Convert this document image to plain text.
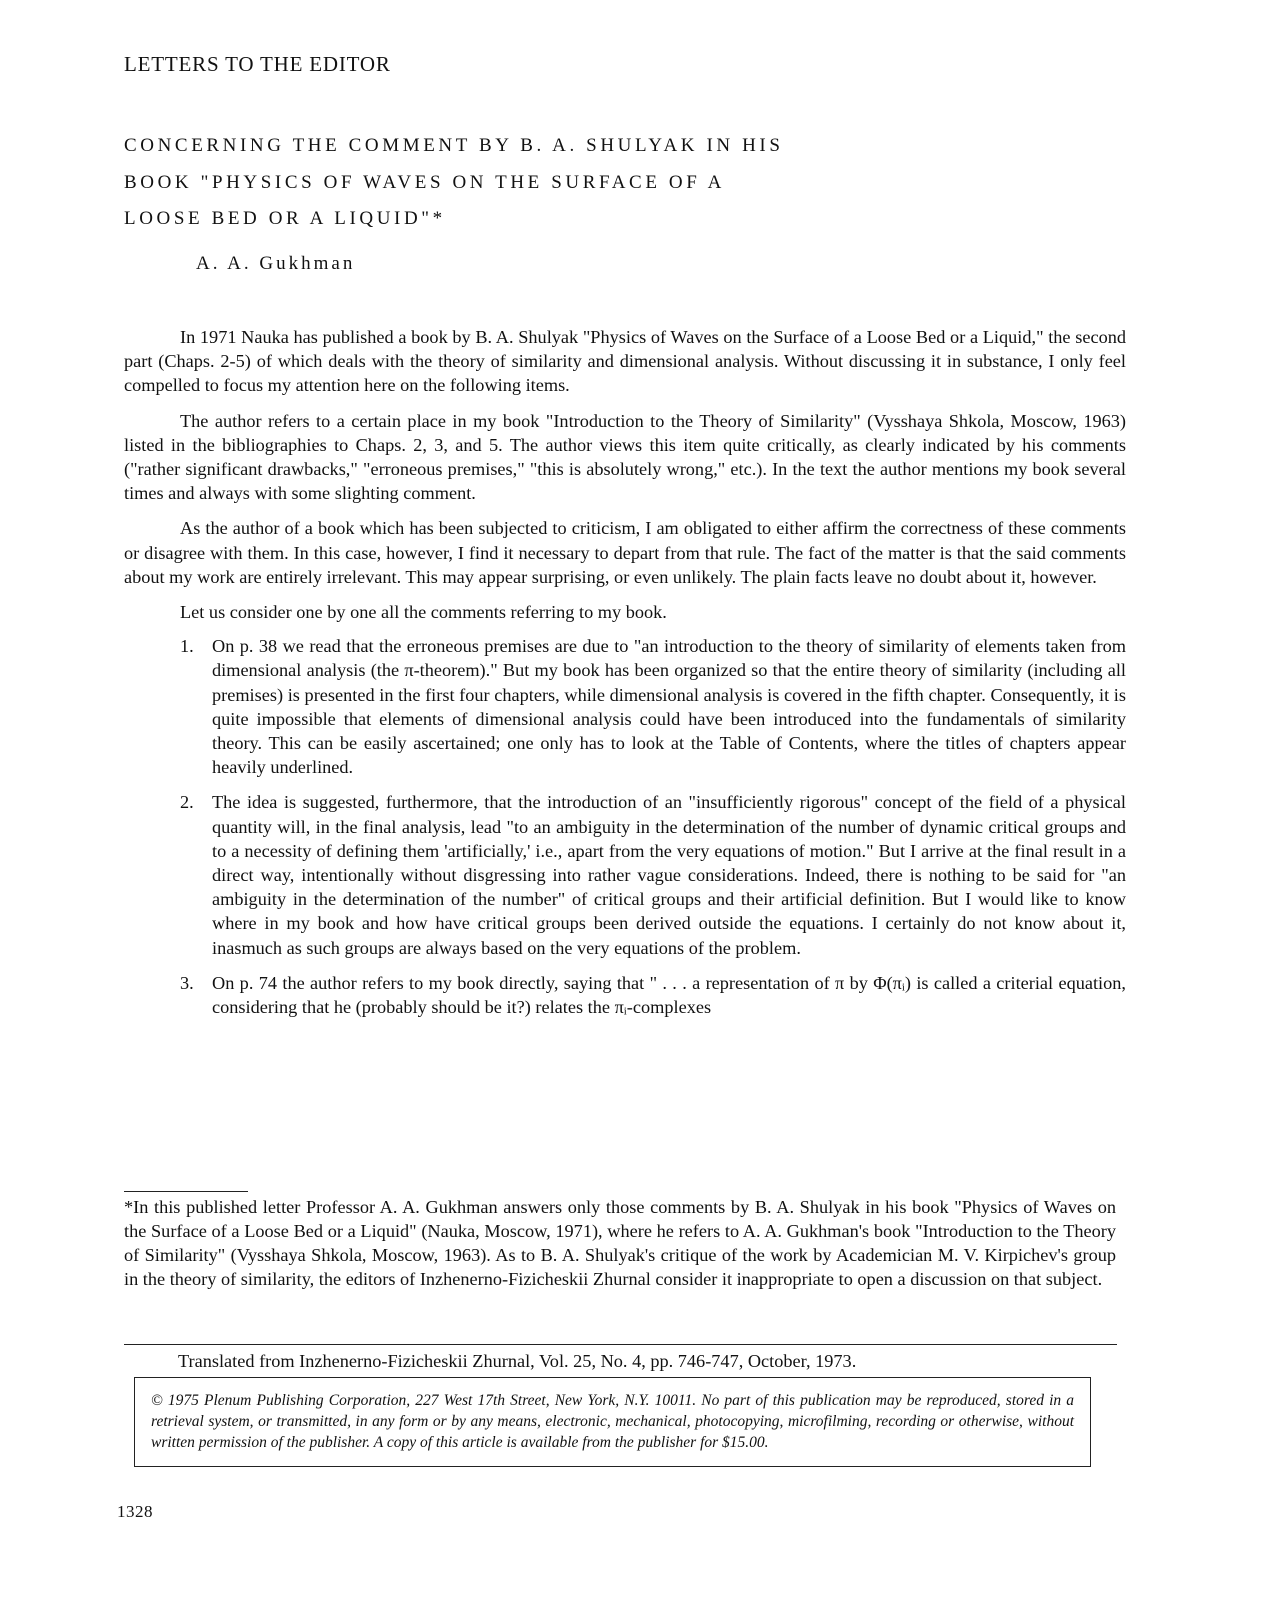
LETTERS TO THE EDITOR
CONCERNING THE COMMENT BY B. A. SHULYAK IN HIS
BOOK "PHYSICS OF WAVES ON THE SURFACE OF A
LOOSE BED OR A LIQUID"*
A. A. Gukhman

In 1971 Nauka has published a book by B. A. Shulyak "Physics of Waves on the Surface of a Loose Bed or a Liquid," the second part (Chaps. 2-5) of which deals with the theory of similarity and dimensional analysis. Without discussing it in substance, I only feel compelled to focus my attention here on the following items.

The author refers to a certain place in my book "Introduction to the Theory of Similarity" (Vysshaya Shkola, Moscow, 1963) listed in the bibliographies to Chaps. 2, 3, and 5. The author views this item quite critically, as clearly indicated by his comments ("rather significant drawbacks," "erroneous premises," "this is absolutely wrong," etc.). In the text the author mentions my book several times and always with some slighting comment.

As the author of a book which has been subjected to criticism, I am obligated to either affirm the correctness of these comments or disagree with them. In this case, however, I find it necessary to depart from that rule. The fact of the matter is that the said comments about my work are entirely irrelevant. This may appear surprising, or even unlikely. The plain facts leave no doubt about it, however.

Let us consider one by one all the comments referring to my book.

1. On p. 38 we read that the erroneous premises are due to "an introduction to the theory of similarity of elements taken from dimensional analysis (the π-theorem)." But my book has been organized so that the entire theory of similarity (including all premises) is presented in the first four chapters, while dimensional analysis is covered in the fifth chapter. Consequently, it is quite impossible that elements of dimensional analysis could have been introduced into the fundamentals of similarity theory. This can be easily ascertained; one only has to look at the Table of Contents, where the titles of chapters appear heavily underlined.
2. The idea is suggested, furthermore, that the introduction of an "insufficiently rigorous" concept of the field of a physical quantity will, in the final analysis, lead "to an ambiguity in the determination of the number of dynamic critical groups and to a necessity of defining them 'artificially,' i.e., apart from the very equations of motion." But I arrive at the final result in a direct way, intentionally without disgressing into rather vague considerations. Indeed, there is nothing to be said for "an ambiguity in the determination of the number" of critical groups and their artificial definition. But I would like to know where in my book and how have critical groups been derived outside the equations. I certainly do not know about it, inasmuch as such groups are always based on the very equations of the problem.
3. On p. 74 the author refers to my book directly, saying that " . . . a representation of π by Φ(πᵢ) is called a criterial equation, considering that he (probably should be it?) relates the πᵢ-complexes
*In this published letter Professor A. A. Gukhman answers only those comments by B. A. Shulyak in his book "Physics of Waves on the Surface of a Loose Bed or a Liquid" (Nauka, Moscow, 1971), where he refers to A. A. Gukhman's book "Introduction to the Theory of Similarity" (Vysshaya Shkola, Moscow, 1963). As to B. A. Shulyak's critique of the work by Academician M. V. Kirpichev's group in the theory of similarity, the editors of Inzhenerno-Fizicheskii Zhurnal consider it inappropriate to open a discussion on that subject.
Translated from Inzhenerno-Fizicheskii Zhurnal, Vol. 25, No. 4, pp. 746-747, October, 1973.
© 1975 Plenum Publishing Corporation, 227 West 17th Street, New York, N.Y. 10011. No part of this publication may be reproduced, stored in a retrieval system, or transmitted, in any form or by any means, electronic, mechanical, photocopying, microfilming, recording or otherwise, without written permission of the publisher. A copy of this article is available from the publisher for $15.00.
1328
